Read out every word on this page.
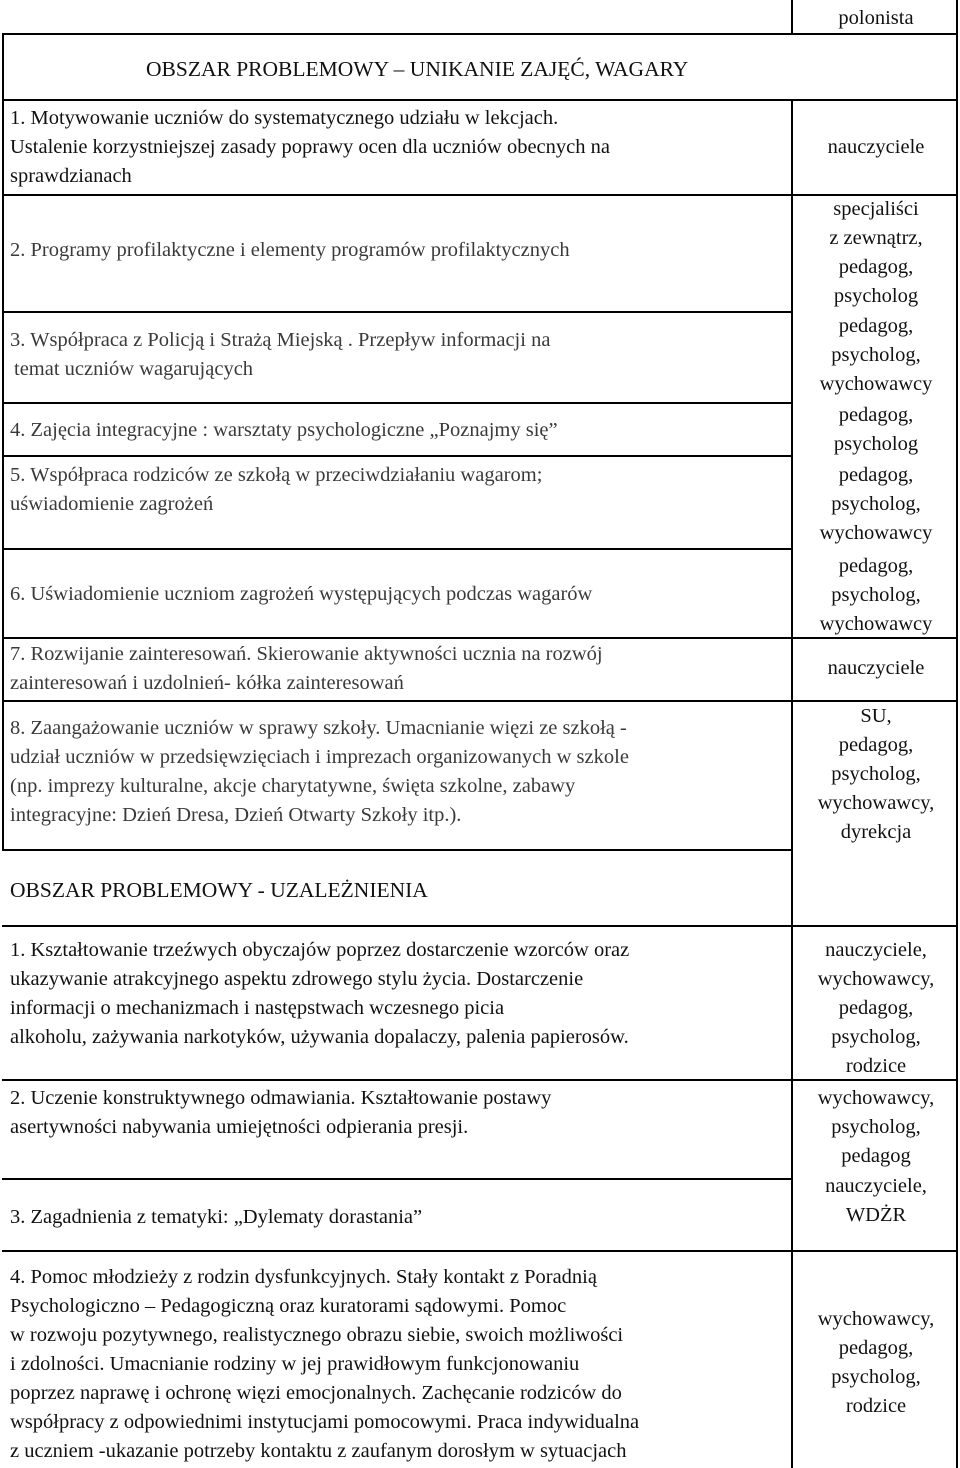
polonista
OBSZAR PROBLEMOWY – UNIKANIE ZAJĘĆ, WAGARY
1. Motywowanie uczniów do systematycznego udziału w lekcjach.
Ustalenie korzystniejszej zasady poprawy ocen dla uczniów obecnych na
sprawdzianach
nauczyciele
2. Programy profilaktyczne i elementy programów profilaktycznych
specjaliści
z zewnątrz,
pedagog,
psycholog
3. Współpraca z Policją i Strażą Miejską . Przepływ informacji na
temat uczniów wagarujących
pedagog,
psycholog,
wychowawcy
4. Zajęcia integracyjne : warsztaty psychologiczne „Poznajmy się”
pedagog,
psycholog
5. Współpraca rodziców ze szkołą w przeciwdziałaniu wagarom;
uświadomienie zagrożeń
pedagog,
psycholog,
wychowawcy
6. Uświadomienie uczniom zagrożeń występujących podczas wagarów
pedagog,
psycholog,
wychowawcy
7. Rozwijanie zainteresowań. Skierowanie aktywności ucznia na rozwój
zainteresowań i uzdolnień- kółka zainteresowań
nauczyciele
8. Zaangażowanie uczniów w sprawy szkoły. Umacnianie więzi ze szkołą -
udział uczniów w przedsięwzięciach i imprezach organizowanych w szkole
(np. imprezy kulturalne, akcje charytatywne, święta szkolne, zabawy
integracyjne: Dzień Dresa, Dzień Otwarty Szkoły itp.).
SU,
pedagog,
psycholog,
wychowawcy,
dyrekcja
OBSZAR PROBLEMOWY - UZALEŻNIENIA
1. Kształtowanie trzeźwych obyczajów poprzez dostarczenie wzorców oraz
ukazywanie atrakcyjnego aspektu zdrowego stylu życia. Dostarczenie
informacji o mechanizmach i następstwach wczesnego picia
alkoholu, zażywania narkotyków, używania dopalaczy, palenia papierosów.
nauczyciele,
wychowawcy,
pedagog,
psycholog,
rodzice
2. Uczenie konstruktywnego odmawiania. Kształtowanie postawy
asertywności nabywania umiejętności odpierania presji.
wychowawcy,
psycholog,
pedagog
3. Zagadnienia z tematyki: „Dylematy dorastania”
nauczyciele,
WDŻR
4. Pomoc młodzieży z rodzin dysfunkcyjnych. Stały kontakt z Poradnią
Psychologiczno – Pedagogiczną oraz kuratorami sądowymi. Pomoc
w rozwoju pozytywnego, realistycznego obrazu siebie, swoich możliwości
i zdolności. Umacnianie rodziny w jej prawidłowym funkcjonowaniu
poprzez naprawę i ochronę więzi emocjonalnych. Zachęcanie rodziców do
współpracy z odpowiednimi instytucjami pomocowymi. Praca indywidualna
z uczniem -ukazanie potrzeby kontaktu z zaufanym dorosłym w sytuacjach
wychowawcy,
pedagog,
psycholog,
rodzice
